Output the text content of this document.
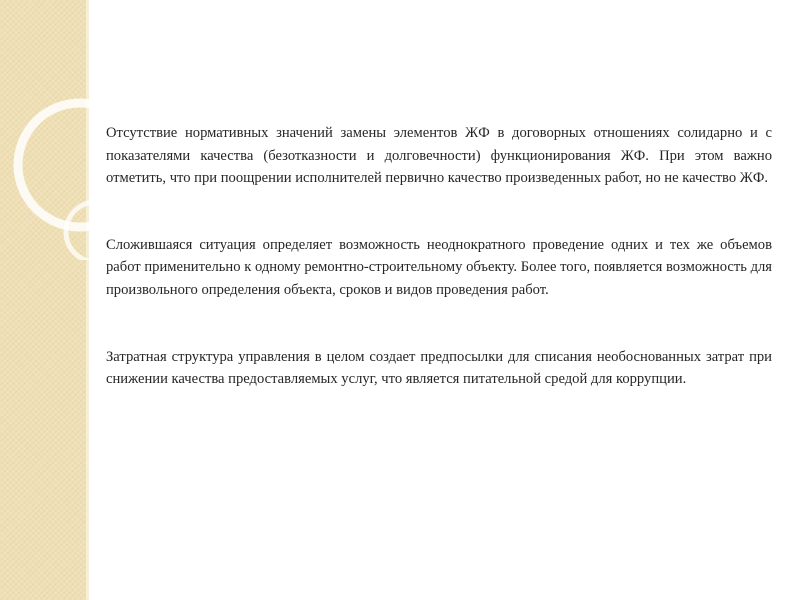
Отсутствие нормативных значений замены элементов ЖФ в договорных отношениях солидарно и с показателями качества (безотказности и долговечности) функционирования ЖФ. При этом важно отметить, что при поощрении исполнителей первично качество произведенных работ, но не качество ЖФ.

Сложившаяся ситуация определяет возможность неоднократного проведение одних и тех же объемов работ применительно к одному ремонтно-строительному объекту. Более того, появляется возможность для произвольного определения объекта, сроков и видов проведения работ.

Затратная структура управления в целом создает предпосылки для списания необоснованных затрат при снижении качества предоставляемых услуг, что является питательной средой для коррупции.
